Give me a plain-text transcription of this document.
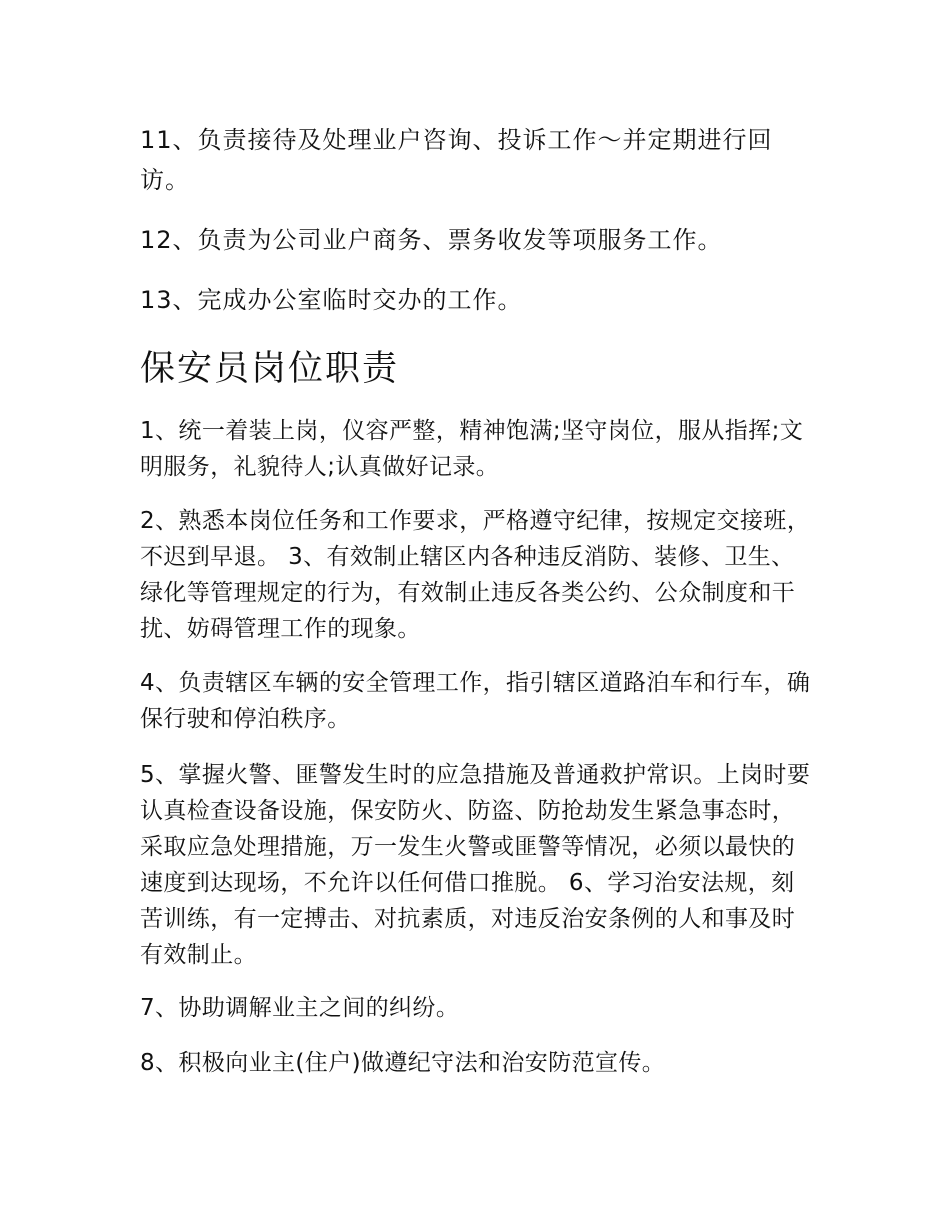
11、负责接待及处理业户咨询、投诉工作～并定期进行回访。

12、负责为公司业户商务、票务收发等项服务工作。

13、完成办公室临时交办的工作。

保安员岗位职责

1、统一着装上岗，仪容严整，精神饱满;坚守岗位，服从指挥;文明服务，礼貌待人;认真做好记录。

2、熟悉本岗位任务和工作要求，严格遵守纪律，按规定交接班，不迟到早退。 3、有效制止辖区内各种违反消防、装修、卫生、绿化等管理规定的行为，有效制止违反各类公约、公众制度和干扰、妨碍管理工作的现象。

4、负责辖区车辆的安全管理工作，指引辖区道路泊车和行车，确保行驶和停泊秩序。

5、掌握火警、匪警发生时的应急措施及普通救护常识。上岗时要认真检查设备设施，保安防火、防盗、防抢劫发生紧急事态时，采取应急处理措施，万一发生火警或匪警等情况，必须以最快的速度到达现场，不允许以任何借口推脱。 6、学习治安法规，刻苦训练，有一定搏击、对抗素质，对违反治安条例的人和事及时有效制止。

7、协助调解业主之间的纠纷。

8、积极向业主(住户)做遵纪守法和治安防范宣传。
